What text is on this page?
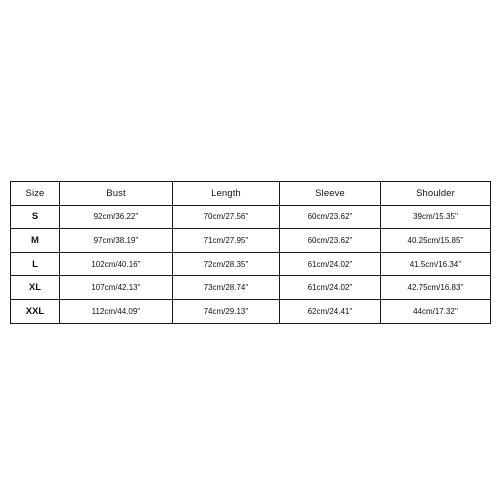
Size	Bust	Length	Sleeve	Shoulder
S	92cm/36.22''	70cm/27.56''	60cm/23.62''	39cm/15.35''
M	97cm/38.19''	71cm/27.95''	60cm/23.62''	40.25cm/15.85''
L	102cm/40.16''	72cm/28.35''	61cm/24.02''	41.5cm/16.34''
XL	107cm/42.13''	73cm/28.74''	61cm/24.02''	42.75cm/16.83''
XXL	112cm/44.09''	74cm/29.13''	62cm/24.41''	44cm/17.32''
